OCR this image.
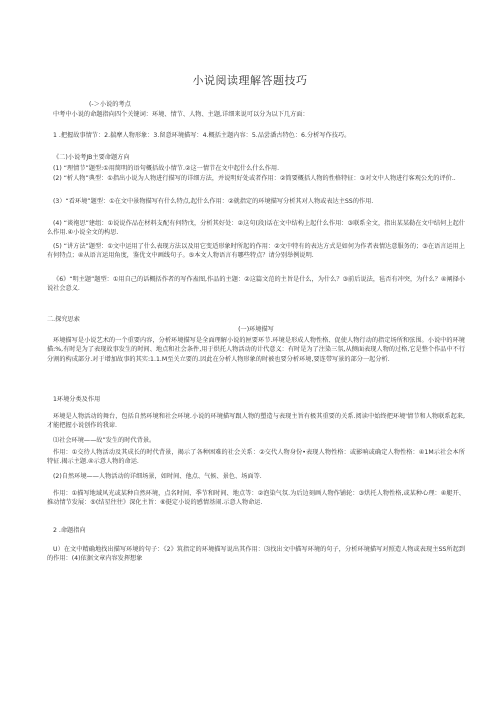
小说阅读理解答题技巧

(-＞小说的考点

中考中小说的命题指向四个关键词：环境、情节、人物、主题,详细来说可以分为以下几方面：

1 .把握故事情节：2.揣摩人物形象：3.留意环境描写：4.概括主题内容：5.品尝潘古特色：6.分析写作技巧。

《二)小说考JB主要命题方向

(1) “理情节”题型:①用简明的语句概括故小情节.②这一情节在文中起什么什么作用.

(2) “析人物”典型：①指出小说为人物进行描写的详细方法，并说明好处或者作用：②简要概括人物的性格特征：③对文中人物进行客观公允的评价..

(3）“看环境”题型：①在文中景物描写有什么特点,起什么作用：②就指定的环境描写分析其对人物或表达主SS的作用.

(4) “谈袍思”建组：①说说作品在材料支配有何特戊，分析其好处：②这句(段)话在文中结构上起什么作用：③联系全文，指出某某勒在文中结何上起什么作用.④小说全文的构思.

(5) “讲方法”题型：①文中运用了什么表现方法以及用它变适形象时所起的作用：②文中特有的表达方式是如何为作者表情达意服务的；③在语言运用上有何特点；④从语言运用角度，鉴优文中画线句子。⑤本文人物语言有哪些特点？请分别举例说明.

《6》“明主题”题型：①用自己的话概括作者的写作盍图,作品的主题：②这篇文范的主旨是什么，为什么？③前后说法，毡否有冲突，为什么？④阐择小说社会意义.

二.探究思索

(一)环境描写

环境描写是小说艺术的一个重要内容，分析环境描写是全面理解小说的匣要环节.环境是形成人物性格、促使人物行动的指定场所和弦围。小说中的环境描:%,有时是为了表现故事发生的时间、地点和社会条件,用于烘托人物活动的计代意义：有时是为了注染三氛,从侧面表现人物的过格,它是整个作品中不行分割的构成部分.对于增加故事的其实:1.1.M至关立要的.因此在分析人物形象的时被也要分析环境,要连带写景的部分一起分析.

1环境分类及作用

环境是人物活动的舞台，包括自然环境和社会环境.小说的环境描写跟人物的塑造与表现主旨有极其重要的关系.阅读中始终把环境'情节和人物联系起来,才能把握小说创作的我谛.

⑴社会环境——故”发生的时代背景。

作用：①交待人物活动及其成长的时代背景，揭示了各种困难的社会关系：②交代人物身份•表现人物性格：或影响或确定人物性格：④1M示社会本所特征.揭示主题.④示意人物的命运.

(2)自然环境——人物活动的详细场景，如时间、他点、气候、景色、场面等.

作用：①描写地域风光或某种自然环境，点名时间、季节和时间、地点等：②泡染气氛.为后边刻画人物作铺轮：③烘托人物性格,或某种心理：④艇开、推动情节发展：⑤(结星往往》深化主旨：⑥挺定小说的感情基闹.示意人物命运.

2 .命题指向

U）在文中精确地找出描写环境的句子：《2》筑指定的环境描写说出其作用：⑶找出文中描写环境的句子，分析环境描写对照造人物或表现主SS所起到的作用：(4)依据文章内容发挥想象
